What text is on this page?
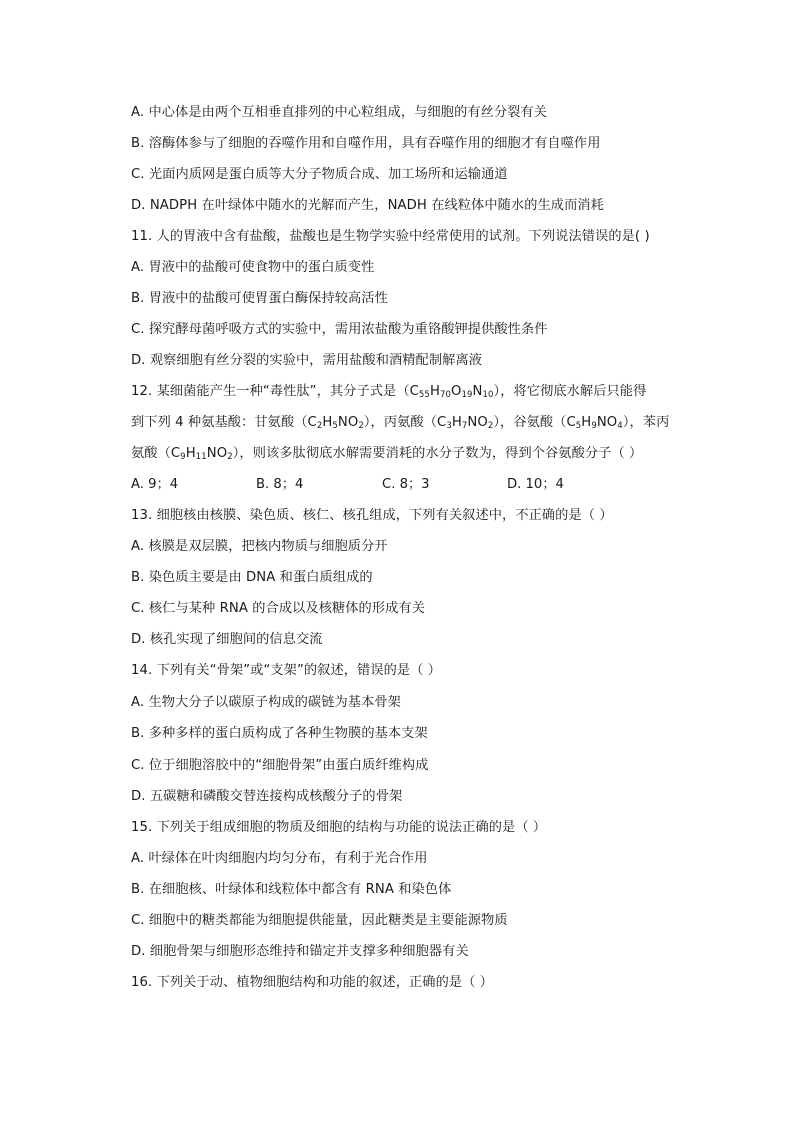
A. 中心体是由两个互相垂直排列的中心粒组成，与细胞的有丝分裂有关
B. 溶酶体参与了细胞的吞噬作用和自噬作用，具有吞噬作用的细胞才有自噬作用
C. 光面内质网是蛋白质等大分子物质合成、加工场所和运输通道
D. NADPH 在叶绿体中随水的光解而产生，NADH 在线粒体中随水的生成而消耗
11. 人的胃液中含有盐酸，盐酸也是生物学实验中经常使用的试剂。下列说法错误的是( )
A. 胃液中的盐酸可使食物中的蛋白质变性
B. 胃液中的盐酸可使胃蛋白酶保持较高活性
C. 探究酵母菌呼吸方式的实验中，需用浓盐酸为重铬酸钾提供酸性条件
D. 观察细胞有丝分裂的实验中，需用盐酸和酒精配制解离液
12. 某细菌能产生一种“毒性肽”，其分子式是$(C_{55}H_{70}O_{19}N_{10})$，将它彻底水解后只能得
到下列 4 种氨基酸：甘氨酸$(C_2H_5NO_2)$，丙氨酸$(C_3H_7NO_2)$，谷氨酸$(C_5H_9NO_4)$，苯丙
氨酸$(C_9H_{11}NO_2)$，则该多肽彻底水解需要消耗的水分子数为，得到个谷氨酸分子（ ）
A. 9；4	B. 8；4	C. 8；3	D. 10；4
13. 细胞核由核膜、染色质、核仁、核孔组成，下列有关叙述中，不正确的是（ ）
A. 核膜是双层膜，把核内物质与细胞质分开
B. 染色质主要是由 DNA 和蛋白质组成的
C. 核仁与某种 RNA 的合成以及核糖体的形成有关
D. 核孔实现了细胞间的信息交流
14. 下列有关“骨架”或“支架”的叙述，错误的是（ ）
A. 生物大分子以碳原子构成的碳链为基本骨架
B. 多种多样的蛋白质构成了各种生物膜的基本支架
C. 位于细胞溶胶中的“细胞骨架”由蛋白质纤维构成
D. 五碳糖和磷酸交替连接构成核酸分子的骨架
15. 下列关于组成细胞的物质及细胞的结构与功能的说法正确的是（ ）
A. 叶绿体在叶肉细胞内均匀分布，有利于光合作用
B. 在细胞核、叶绿体和线粒体中都含有 RNA 和染色体
C. 细胞中的糖类都能为细胞提供能量，因此糖类是主要能源物质
D. 细胞骨架与细胞形态维持和锚定并支撑多种细胞器有关
16. 下列关于动、植物细胞结构和功能的叙述，正确的是（ ）
